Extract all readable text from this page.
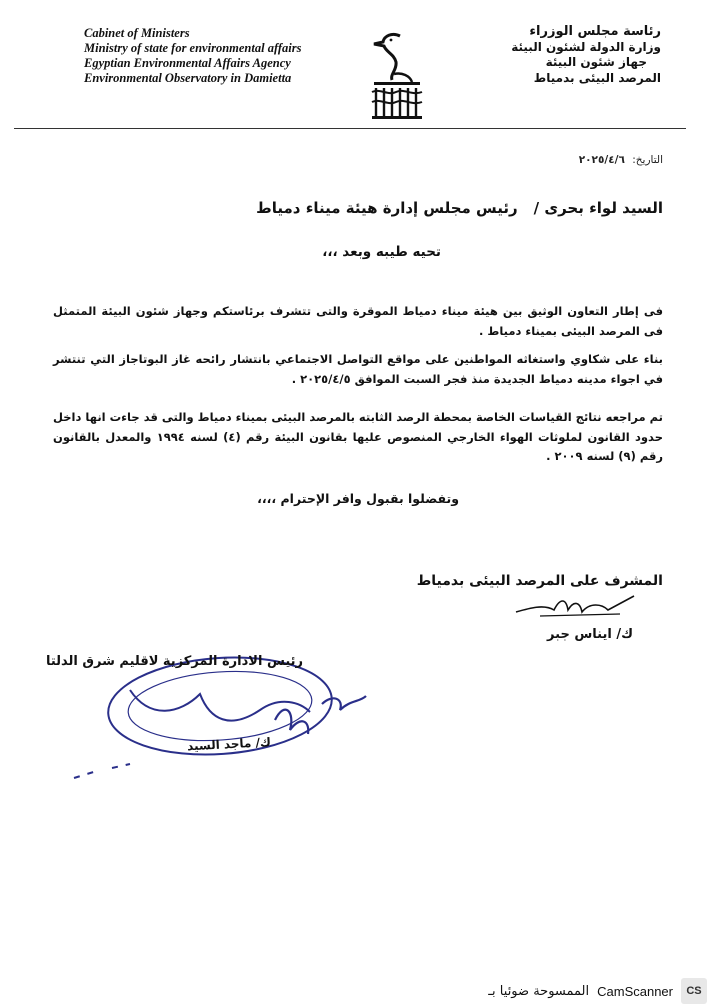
Cabinet of Ministers
Ministry of state for environmental affairs
Egyptian Environmental Affairs Agency
Environmental Observatory in Damietta
رئاسة مجلس الوزراء
وزارة الدولة لشئون البيئة
جهاز شئون البيئة
المرصد البيئى بدمياط
التاريخ: ٢٠٢٥/٤/٦
السيد لواء بحرى /رئيس مجلس إدارة هيئة ميناء دمياط
تحيه طيبه وبعد ،،،
فى إطار التعاون الوثيق بين هيئة ميناء دمياط الموقرة والتى تتشرف برئاستكم وجهاز شئون البيئة المتمثل فى المرصد البيئى بميناء دمياط .
بناء على شكاوي واستغاثه المواطنين على مواقع التواصل الاجتماعي بانتشار رائحه غاز البوتاجاز التي تنتشر في اجواء مدينه دمياط الجديدة منذ فجر السبت الموافق ٢٠٢٥/٤/٥ .
تم مراجعه نتائج القياسات الخاصة بمحطة الرصد الثابته بالمرصد البيئى بميناء دمياط والتى قد جاءت انها داخل حدود القانون لملوثات الهواء الخارجي المنصوص عليها بقانون البيئة رقم (٤) لسنه ١٩٩٤ والمعدل بالقانون رقم (٩) لسنه ٢٠٠٩ .
وتفضلوا بقبول وافر الإحترام ،،،،
المشرف على المرصد البيئى بدمياط
ك/ ايناس جبر
رئيس الادارة المركزية لاقليم شرق الدلتا
ك/ ماجد السيد
الممسوحة ضوئيا بـ CamScanner	CS
